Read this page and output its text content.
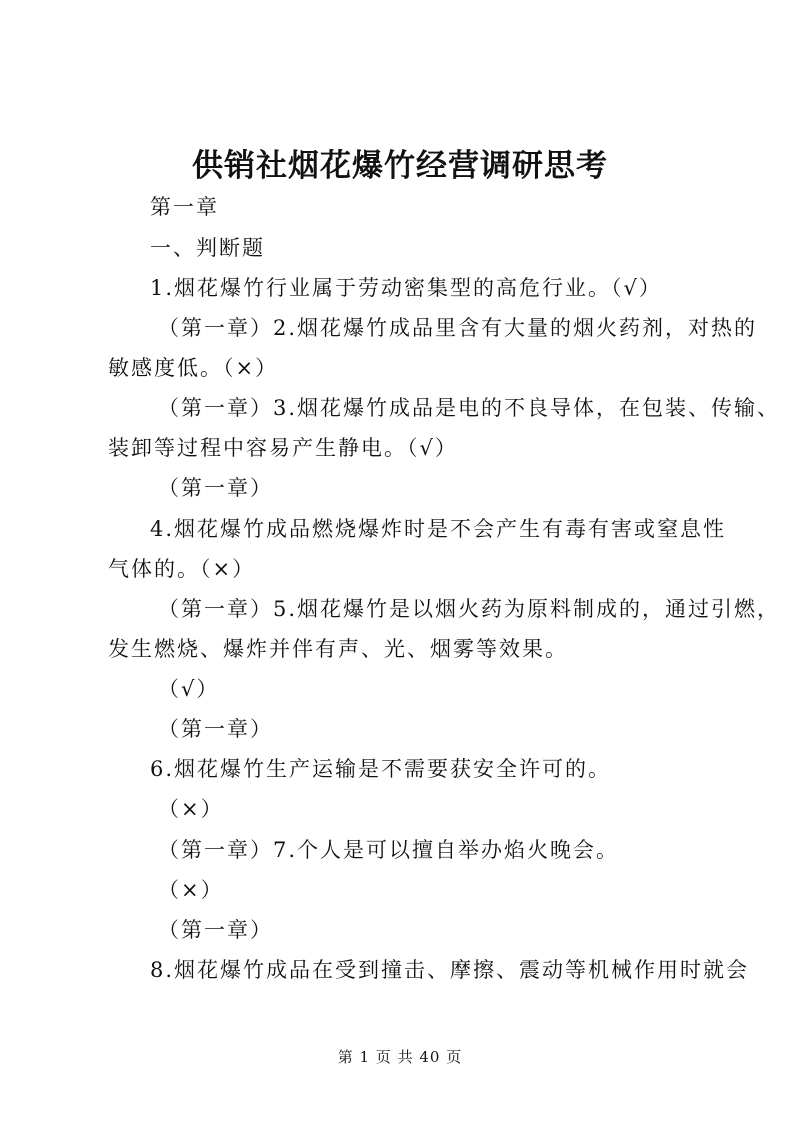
供销社烟花爆竹经营调研思考
第一章
一、判断题
1.烟花爆竹行业属于劳动密集型的高危行业。（√）
（第一章）2.烟花爆竹成品里含有大量的烟火药剂，对热的
敏感度低。（×）
（第一章）3.烟花爆竹成品是电的不良导体，在包装、传输、
装卸等过程中容易产生静电。（√）
（第一章）
4.烟花爆竹成品燃烧爆炸时是不会产生有毒有害或窒息性
气体的。（×）
（第一章）5.烟花爆竹是以烟火药为原料制成的，通过引燃，
发生燃烧、爆炸并伴有声、光、烟雾等效果。
（√）
（第一章）
6.烟花爆竹生产运输是不需要获安全许可的。
（×）
（第一章）7.个人是可以擅自举办焰火晚会。
（×）
（第一章）
8.烟花爆竹成品在受到撞击、摩擦、震动等机械作用时就会
第 1 页 共 40 页
